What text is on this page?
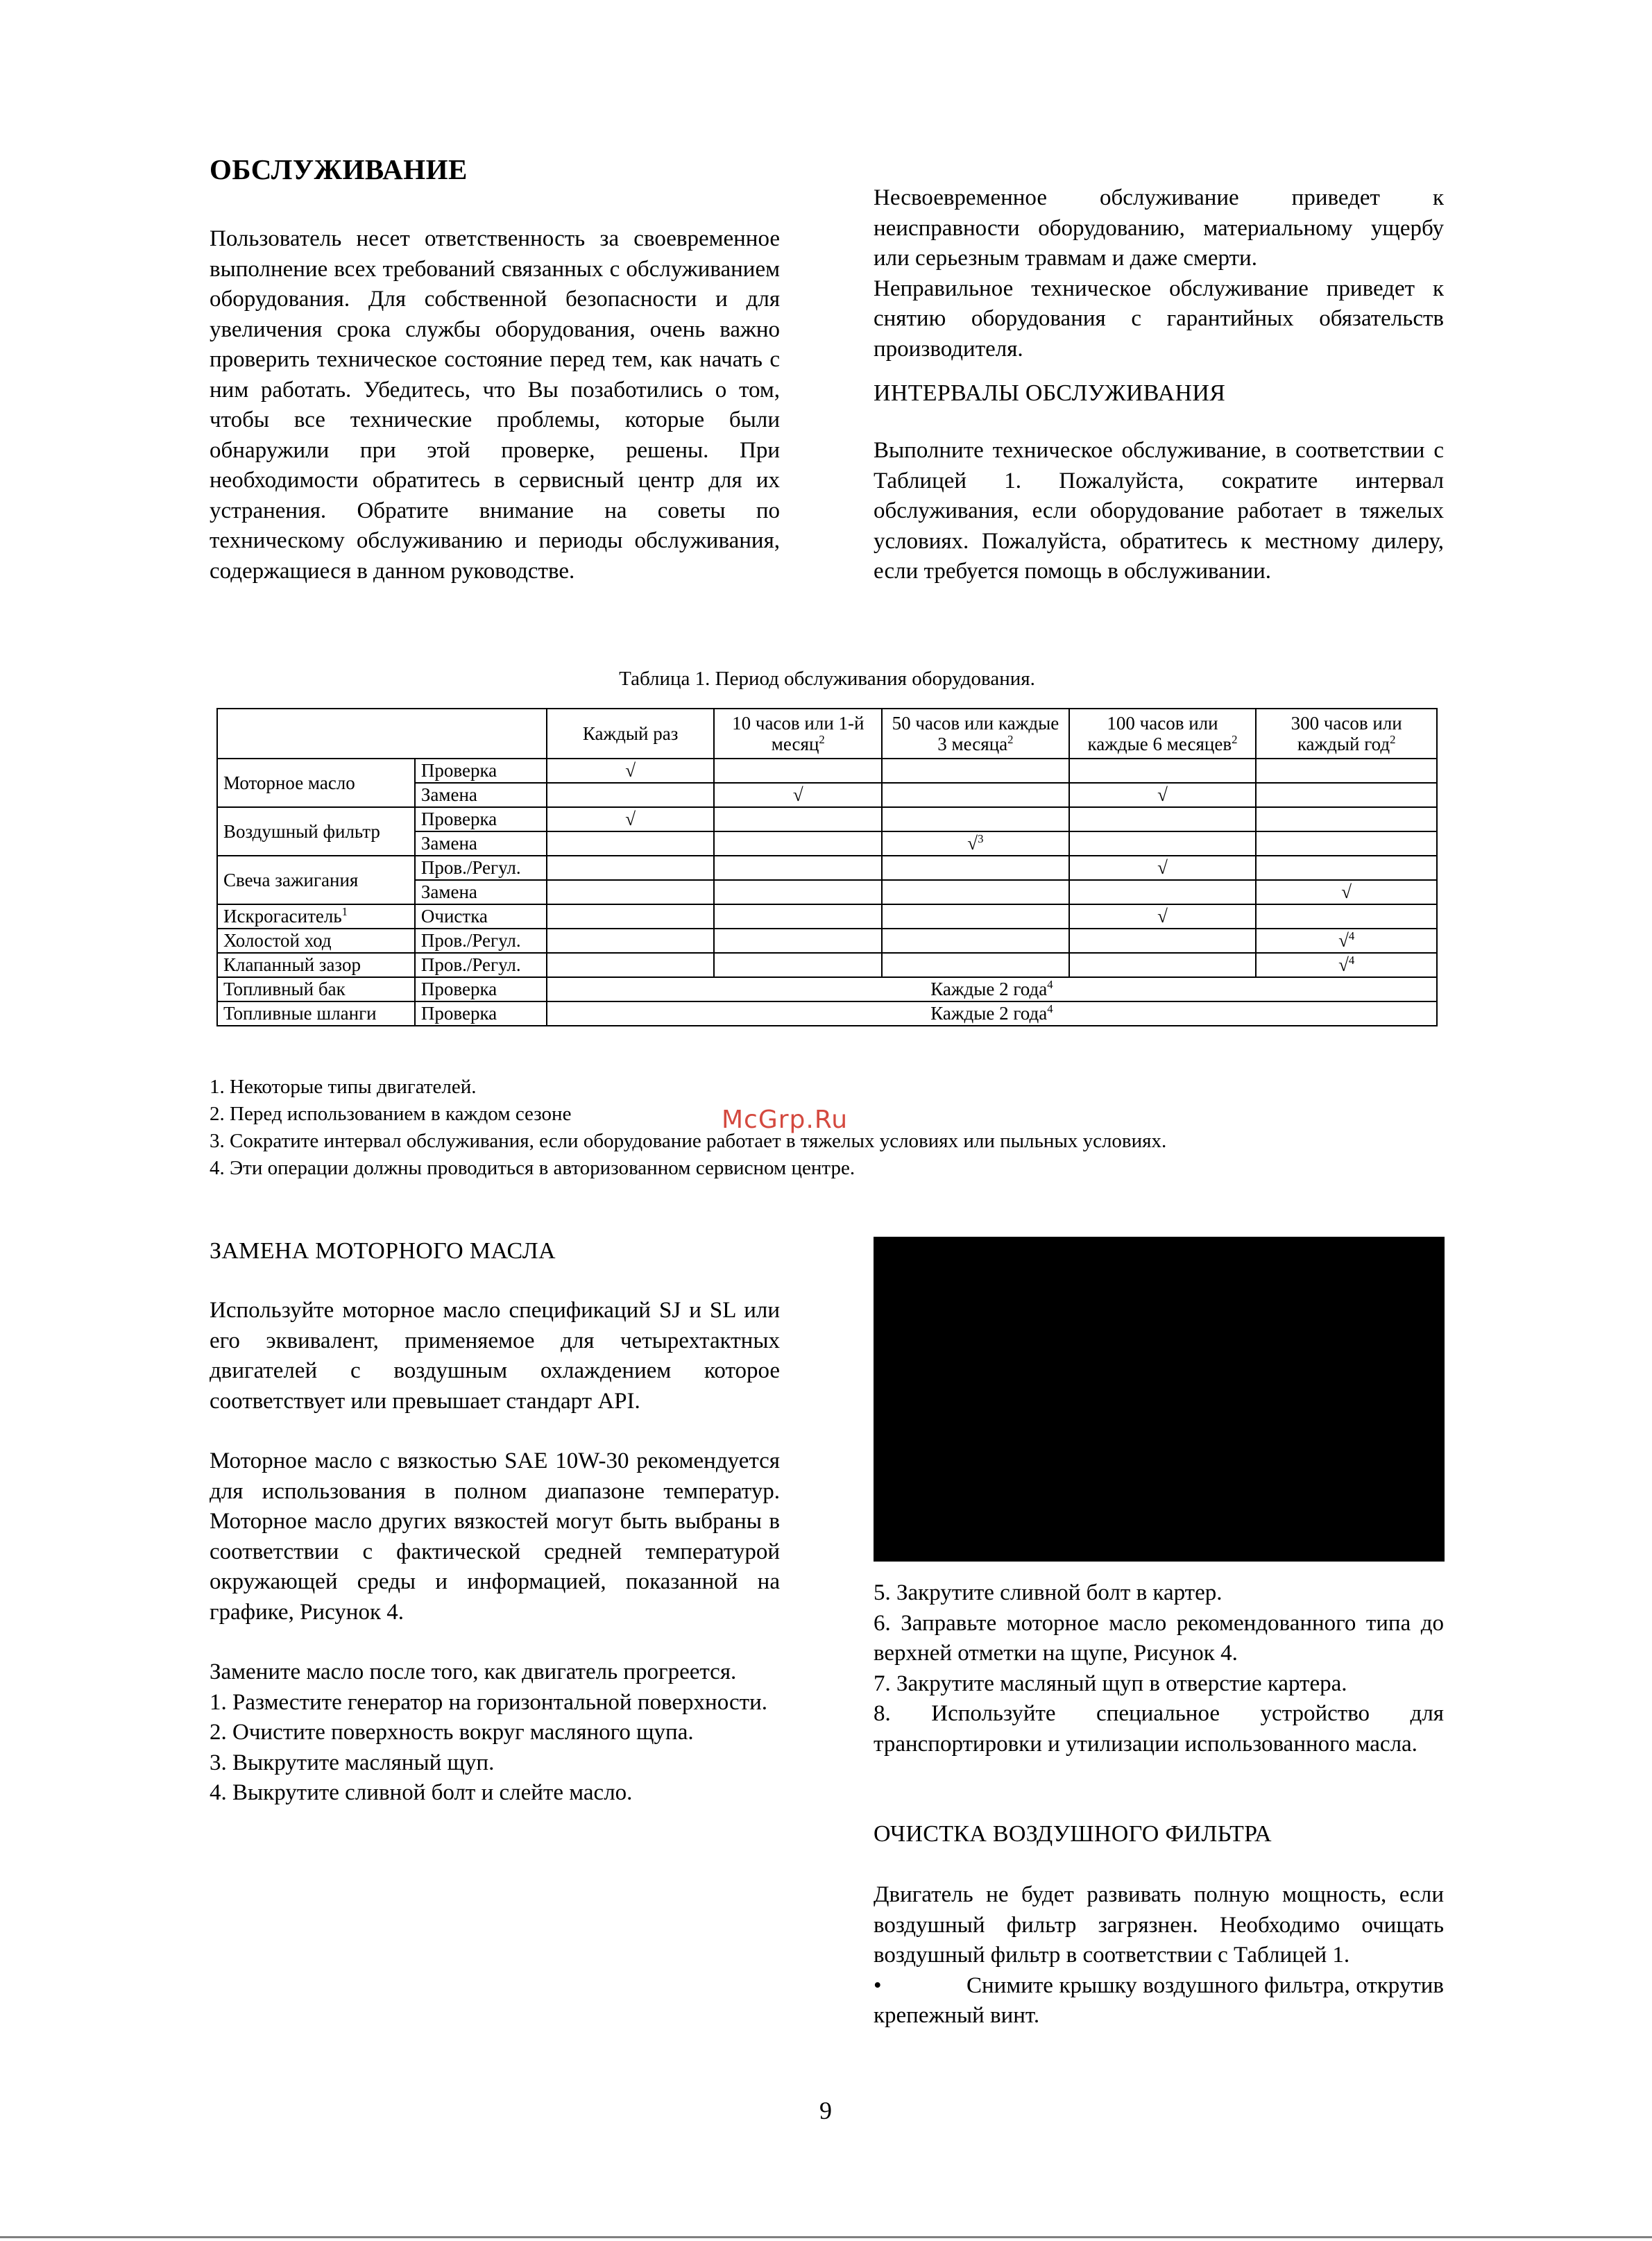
ОБСЛУЖИВАНИЕ

Пользователь несет ответственность за своевременное выполнение всех требований связанных с обслуживанием оборудования. Для собственной безопасности и для увеличения срока службы оборудования, очень важно проверить техническое состояние перед тем, как начать с ним работать. Убедитесь, что Вы позаботились о том, чтобы все технические проблемы, которые были обнаружили при этой проверке, решены. При необходимости обратитесь в сервисный центр для их устранения. Обратите внимание на советы по техническому обслуживанию и периоды обслуживания, содержащиеся в данном руководстве.

Несвоевременное обслуживание приведет к неисправности оборудованию, материальному ущербу или серьезным травмам и даже смерти.

Неправильное техническое обслуживание приведет к снятию оборудования с гарантийных обязательств производителя.

ИНТЕРВАЛЫ ОБСЛУЖИВАНИЯ

Выполните техническое обслуживание, в соответствии с Таблицей 1. Пожалуйста, сократите интервал обслуживания, если оборудование работает в тяжелых условиях. Пожалуйста, обратитесь к местному дилеру, если требуется помощь в обслуживании.

Таблица 1. Период обслуживания оборудования.
		Каждый раз	10 часов или 1-й месяц$^2$	50 часов или каждые 3 месяца$^2$	100 часов или каждые 6 месяцев$^2$	300 часов или каждый год$^2$
Моторное масло	Проверка	√				
	Замена		√		√	
Воздушный фильтр	Проверка	√				
	Замена			√$^3$		
Свеча зажигания	Пров./Регул.				√	
	Замена					√
Искрогаситель$^1$	Очистка				√	
Холостой ход	Пров./Регул.					√$^4$
Клапанный зазор	Пров./Регул.					√$^4$
Топливный бак	Проверка	Каждые 2 года$^4$
Топливные шланги	Проверка	Каждые 2 года$^4$
1. Некоторые типы двигателей.
2. Перед использованием в каждом сезоне
3. Сократите интервал обслуживания, если оборудование работает в тяжелых условиях или пыльных условиях.
4. Эти операции должны проводиться в авторизованном сервисном центре.
McGrp.Ru
ЗАМЕНА МОТОРНОГО МАСЛА

Используйте моторное масло спецификаций SJ и SL или его эквивалент, применяемое для четырехтактных двигателей с воздушным охлаждением которое соответствует или превышает стандарт API.

Моторное масло с вязкостью SAE 10W-30 рекомендуется для использования в полном диапазоне температур. Моторное масло других вязкостей могут быть выбраны в соответствии с фактической средней температурой окружающей среды и информацией, показанной на графике, Рисунок 4.

Замените масло после того, как двигатель прогреется.

1. Разместите генератор на горизонтальной поверхности.

2. Очистите поверхность вокруг масляного щупа.

3. Выкрутите масляный щуп.

4. Выкрутите сливной болт и слейте масло.

5. Закрутите сливной болт в картер.

6. Заправьте моторное масло рекомендованного типа до верхней отметки на щупе, Рисунок 4.

7. Закрутите масляный щуп в отверстие картера.

8. Используйте специальное устройство для транспортировки и утилизации использованного масла.

ОЧИСТКА ВОЗДУШНОГО ФИЛЬТРА

Двигатель не будет развивать полную мощность, если воздушный фильтр загрязнен. Необходимо очищать воздушный фильтр в соответствии с Таблицей 1.

•	Снимите крышку воздушного фильтра, открутив крепежный винт.

9
